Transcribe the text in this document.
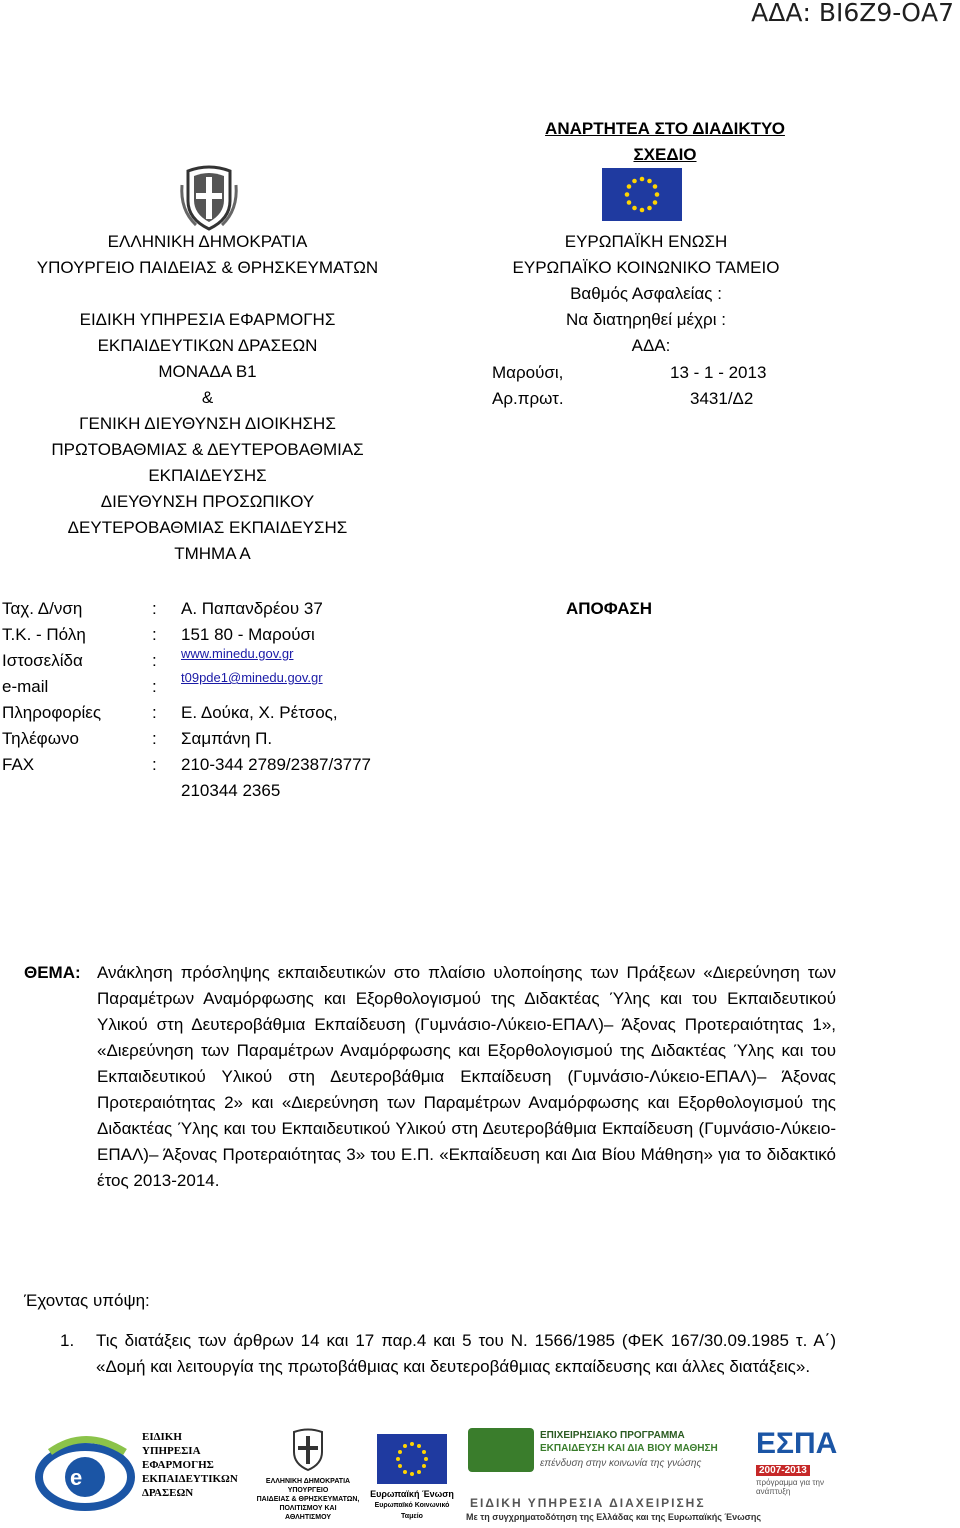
ΑΔΑ: ΒΙ6Ζ9-ΟΑ7
ΑΝΑΡΤΗΤΕΑ ΣΤΟ ΔΙΑΔΙΚΤΥΟ
ΣΧΕΔΙΟ
ΕΛΛΗΝΙΚΗ ΔΗΜΟΚΡΑΤΙΑ
ΥΠΟΥΡΓΕΙΟ ΠΑΙΔΕΙΑΣ & ΘΡΗΣΚΕΥΜΑΤΩΝ
ΕΙΔΙΚΗ ΥΠΗΡΕΣΙΑ ΕΦΑΡΜΟΓΗΣ
ΕΚΠΑΙΔΕΥΤΙΚΩΝ ΔΡΑΣΕΩΝ
ΜΟΝΑΔΑ Β1
&
ΓΕΝΙΚΗ ΔΙΕΥΘΥΝΣΗ ΔΙΟΙΚΗΣΗΣ
ΠΡΩΤΟΒΑΘΜΙΑΣ & ΔΕΥΤΕΡΟΒΑΘΜΙΑΣ
ΕΚΠΑΙΔΕΥΣΗΣ
ΔΙΕΥΘΥΝΣΗ ΠΡΟΣΩΠΙΚΟΥ
ΔΕΥΤΕΡΟΒΑΘΜΙΑΣ ΕΚΠΑΙΔΕΥΣΗΣ
ΤΜΗΜΑ Α
ΕΥΡΩΠΑΪΚΗ ΕΝΩΣΗ
ΕΥΡΩΠΑΪΚΟ ΚΟΙΝΩΝΙΚΟ ΤΑΜΕΙΟ
Βαθμός Ασφαλείας :
Να διατηρηθεί μέχρι :
ΑΔΑ:
Μαρούσι,	13 - 1 - 2013
Αρ.πρωτ.	3431/Δ2
ΑΠΟΦΑΣΗ
Ταχ. Δ/νση	:	Α. Παπανδρέου 37
Τ.Κ. - Πόλη	:	151 80 - Μαρούσι
Ιστοσελίδα	:	www.minedu.gov.gr
e-mail	:	t09pde1@minedu.gov.gr
Πληροφορίες	:	Ε. Δούκα, Χ. Ρέτσος,
Τηλέφωνο	:	Σαμπάνη Π.
FAX	:	210-344 2789/2387/3777
210344 2365
ΘΕΜΑ: Ανάκληση πρόσληψης εκπαιδευτικών στο πλαίσιο υλοποίησης των Πράξεων «Διερεύνηση των Παραμέτρων Αναμόρφωσης και Εξορθολογισμού της Διδακτέας Ύλης και του Εκπαιδευτικού Υλικού στη Δευτεροβάθμια Εκπαίδευση (Γυμνάσιο-Λύκειο-ΕΠΑΛ)– Άξονας Προτεραιότητας 1», «Διερεύνηση των Παραμέτρων Αναμόρφωσης και Εξορθολογισμού της Διδακτέας Ύλης και του Εκπαιδευτικού Υλικού στη Δευτεροβάθμια Εκπαίδευση (Γυμνάσιο-Λύκειο-ΕΠΑΛ)– Άξονας Προτεραιότητας 2» και «Διερεύνηση των Παραμέτρων Αναμόρφωσης και Εξορθολογισμού της Διδακτέας Ύλης και του Εκπαιδευτικού Υλικού στη Δευτεροβάθμια Εκπαίδευση (Γυμνάσιο-Λύκειο-ΕΠΑΛ)– Άξονας Προτεραιότητας 3» του Ε.Π. «Εκπαίδευση και Δια Βίου Μάθηση» για το διδακτικό έτος 2013-2014.
Έχοντας υπόψη:
1.	Τις διατάξεις των άρθρων 14 και 17 παρ.4 και 5 του Ν. 1566/1985 (ΦΕΚ 167/30.09.1985 τ. Α΄) «Δομή και λειτουργία της πρωτοβάθμιας και δευτεροβάθμιας εκπαίδευσης και άλλες διατάξεις».
e
ΕΙΔΙΚΗ
ΥΠΗΡΕΣΙΑ
ΕΦΑΡΜΟΓΗΣ
ΕΚΠΑΙΔΕΥΤΙΚΩΝ
ΔΡΑΣΕΩΝ
ΕΛΛΗΝΙΚΗ ΔΗΜΟΚΡΑΤΙΑ
ΥΠΟΥΡΓΕΙΟ
ΠΑΙΔΕΙΑΣ & ΘΡΗΣΚΕΥΜΑΤΩΝ,
ΠΟΛΙΤΙΣΜΟΥ ΚΑΙ ΑΘΛΗΤΙΣΜΟΥ
Ευρωπαϊκή Ένωση
Ευρωπαϊκό Κοινωνικό Ταμείο
ΕΠΙΧΕΙΡΗΣΙΑΚΟ ΠΡΟΓΡΑΜΜΑ
ΕΚΠΑΙΔΕΥΣΗ ΚΑΙ ΔΙΑ ΒΙΟΥ ΜΑΘΗΣΗ
επένδυση στην κοινωνία της γνώσης
ΕΣΠΑ
2007-2013
πρόγραμμα για την ανάπτυξη
ΕΙΔΙΚΗ ΥΠΗΡΕΣΙΑ ΔΙΑΧΕΙΡΙΣΗΣ
Με τη συγχρηματοδότηση της Ελλάδας και της Ευρωπαϊκής Ένωσης
